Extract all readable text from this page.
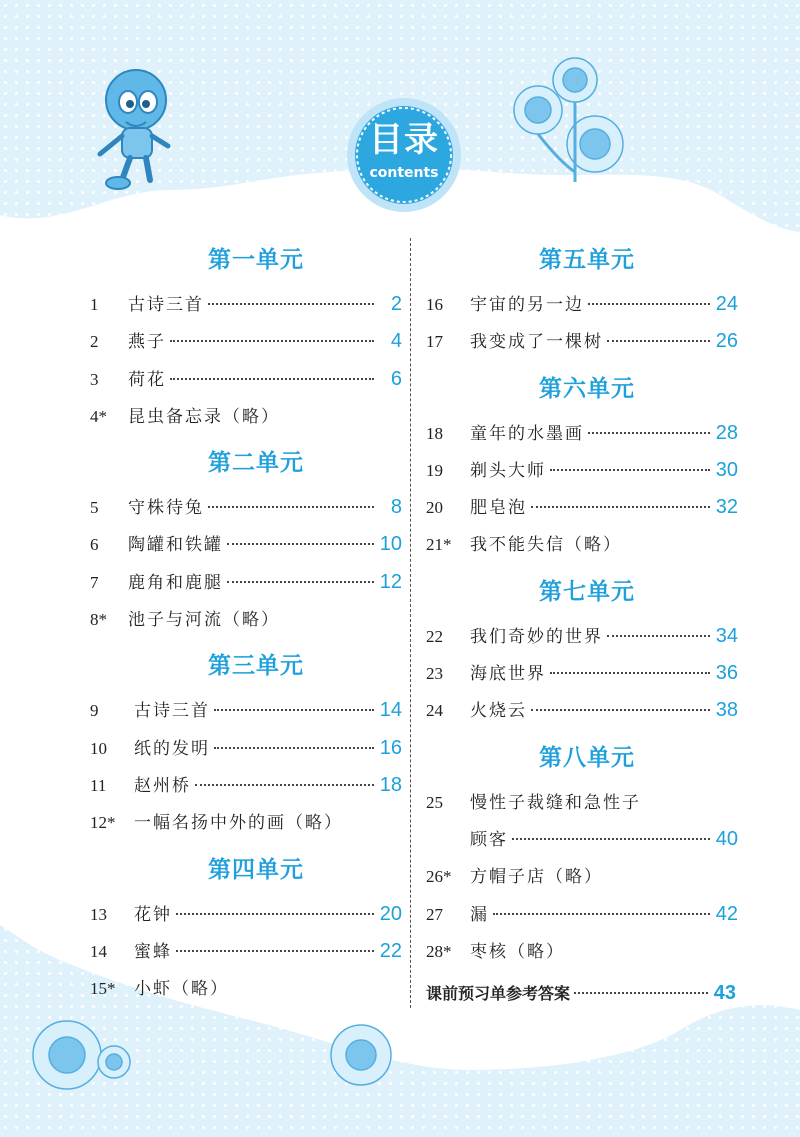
目录
contents
第一单元
1	古诗三首	2
2	燕子	4
3	荷花	6
4*	昆虫备忘录（略）
第二单元
5	守株待兔	8
6	陶罐和铁罐	10
7	鹿角和鹿腿	12
8*	池子与河流（略）
第三单元
9	古诗三首	14
10	纸的发明	16
11	赵州桥	18
12*	一幅名扬中外的画（略）
第四单元
13	花钟	20
14	蜜蜂	22
15*	小虾（略）
第五单元
16	宇宙的另一边	24
17	我变成了一棵树	26
第六单元
18	童年的水墨画	28
19	剃头大师	30
20	肥皂泡	32
21*	我不能失信（略）
第七单元
22	我们奇妙的世界	34
23	海底世界	36
24	火烧云	38
第八单元
25	慢性子裁缝和急性子
顾客	40
26*	方帽子店（略）
27	漏	42
28*	枣核（略）
课前预习单参考答案	43
